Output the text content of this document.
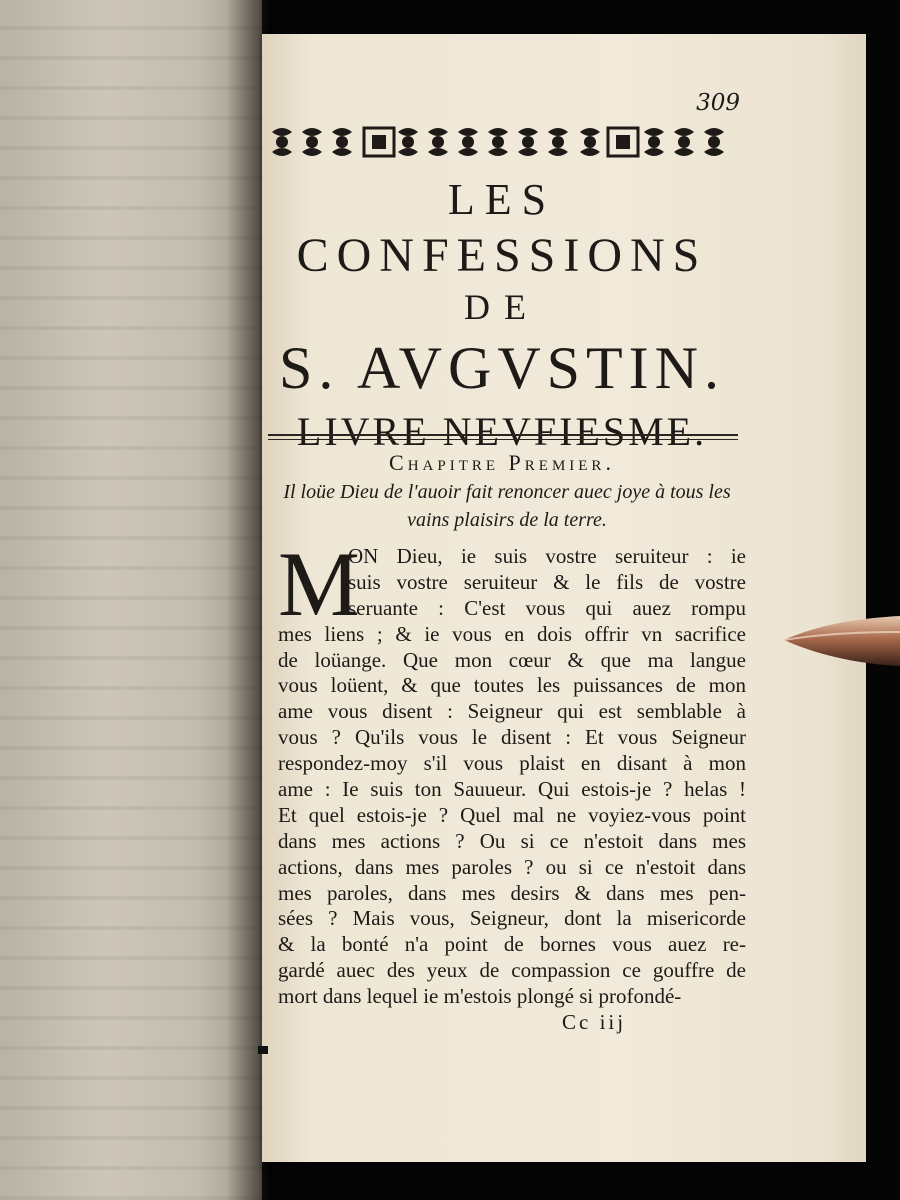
309

LES

CONFESSIONS

DE

S. AVGVSTIN.

LIVRE NEVFIESME.

Chapitre Premier.

Il loüe Dieu de l'auoir fait renoncer auec joye à tous les vains plaisirs de la terre.

M
ON Dieu, ie suis vostre seruiteur : ie
suis vostre seruiteur & le fils de vostre
seruante : C'est vous qui auez rompu
mes liens ; & ie vous en dois offrir vn sacrifice
de loüange. Que mon cœur & que ma langue
vous loüent, & que toutes les puissances de mon
ame vous disent : Seigneur qui est semblable à
vous ? Qu'ils vous le disent : Et vous Seigneur
respondez-moy s'il vous plaist en disant à mon
ame : Ie suis ton Sauueur. Qui estois-je ? helas !
Et quel estois-je ? Quel mal ne voyiez-vous point
dans mes actions ? Ou si ce n'estoit dans mes
actions, dans mes paroles ? ou si ce n'estoit dans
mes paroles, dans mes desirs & dans mes pen-
sées ? Mais vous, Seigneur, dont la misericorde
& la bonté n'a point de bornes vous auez re-
gardé auec des yeux de compassion ce gouffre de
mort dans lequel ie m'estois plongé si profondé-

Cc iij
